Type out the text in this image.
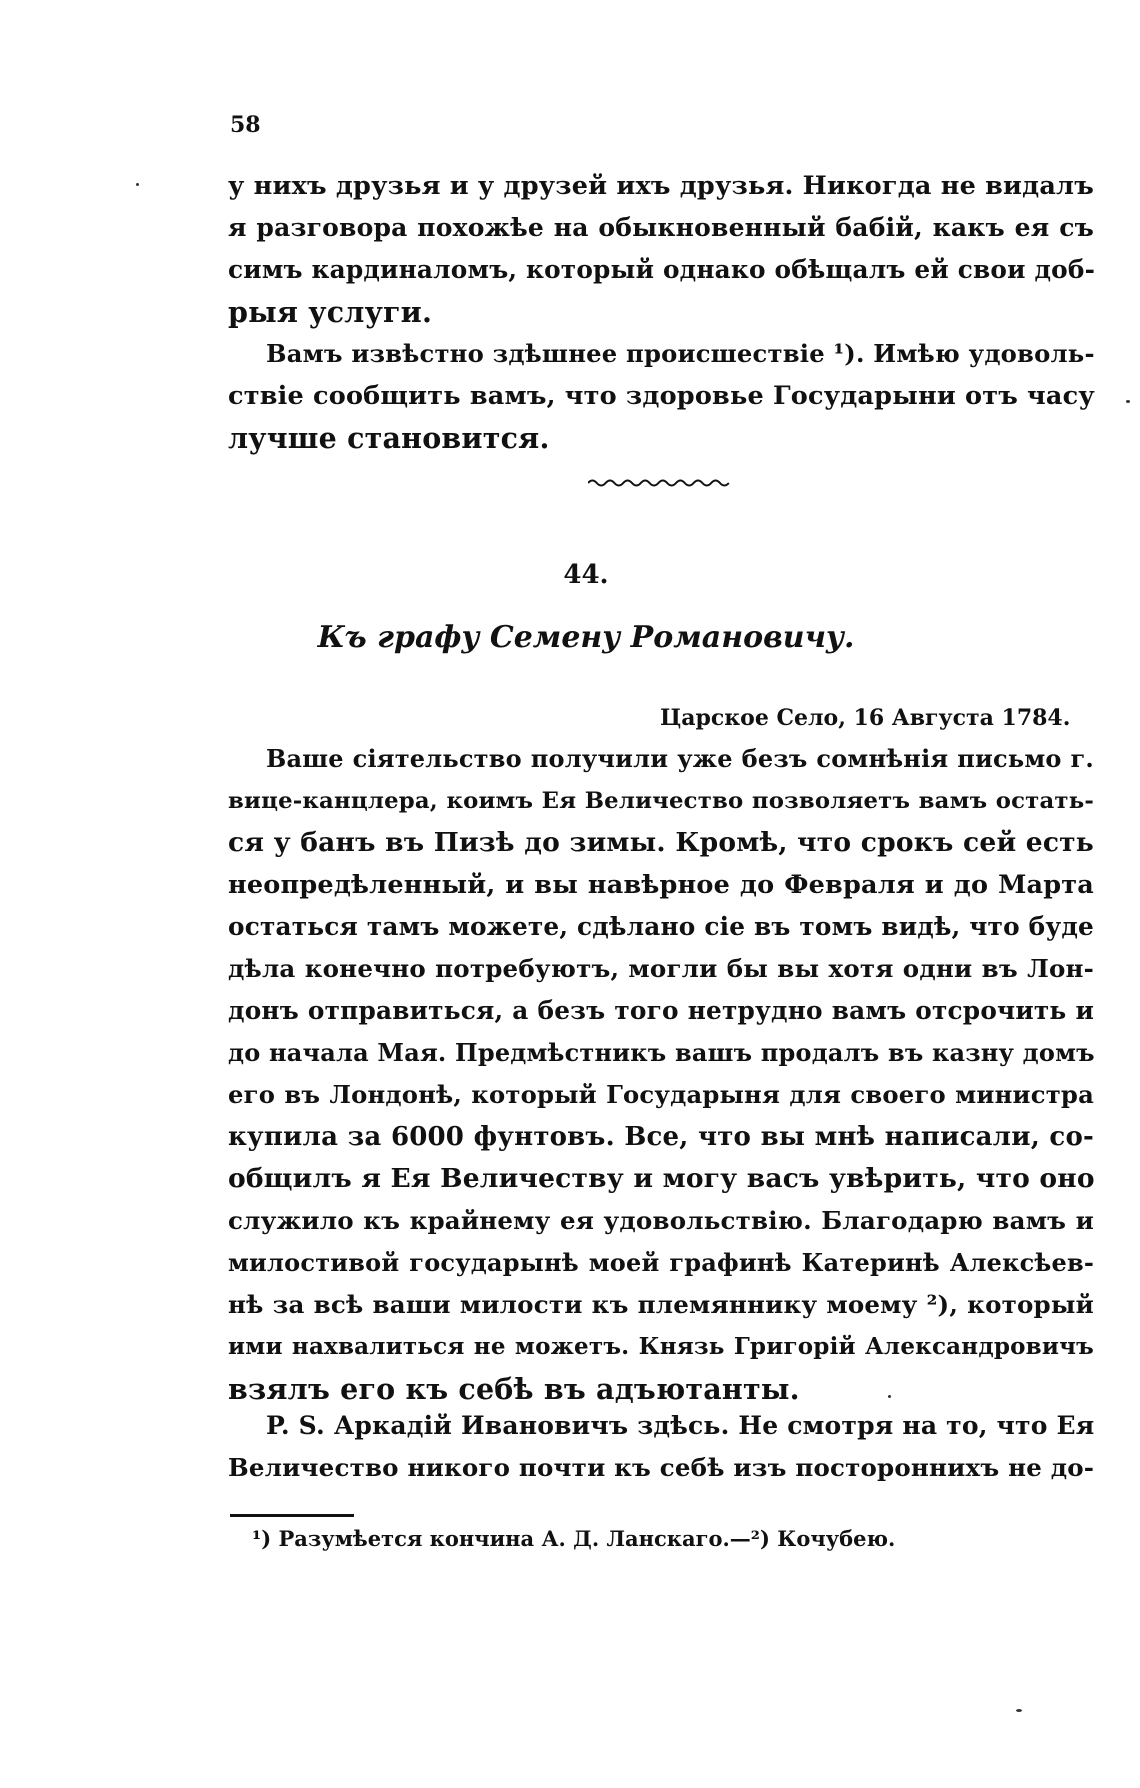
58
у нихъ друзья и у друзей ихъ друзья. Никогда не видалъ
я разговора похожѣе на обыкновенный бабій, какъ ея съ
симъ кардиналомъ, который однако обѣщалъ ей свои доб-
рыя услуги.
Вамъ извѣстно здѣшнее происшествіе ¹). Имѣю удоволь-
ствіе сообщить вамъ, что здоровье Государыни отъ часу
лучше становится.
44.
Къ графу Семену Романовичу.
Царское Село, 16 Августа 1784.
Ваше сіятельство получили уже безъ сомнѣнія письмо г.
вице-канцлера, коимъ Ея Величество позволяетъ вамъ остать-
ся у банъ въ Пизѣ до зимы. Кромѣ, что срокъ сей есть
неопредѣленный, и вы навѣрное до Февраля и до Марта
остаться тамъ можете, сдѣлано сіе въ томъ видѣ, что буде
дѣла конечно потребуютъ, могли бы вы хотя одни въ Лон-
донъ отправиться, а безъ того нетрудно вамъ отсрочить и
до начала Мая. Предмѣстникъ вашъ продалъ въ казну домъ
его въ Лондонѣ, который Государыня для своего министра
купила за 6000 фунтовъ. Все, что вы мнѣ написали, со-
общилъ я Ея Величеству и могу васъ увѣрить, что оно
служило къ крайнему ея удовольствію. Благодарю вамъ и
милостивой государынѣ моей графинѣ Катеринѣ Алексѣев-
нѣ за всѣ ваши милости къ племяннику моему ²), который
ими нахвалиться не можетъ. Князь Григорій Александровичъ
взялъ его къ себѣ въ адъютанты.
P. S. Аркадій Ивановичъ здѣсь. Не смотря на то, что Ея
Величество никого почти къ себѣ изъ постороннихъ не до-
¹) Разумѣется кончина А. Д. Ланскаго.—²) Кочубею.
